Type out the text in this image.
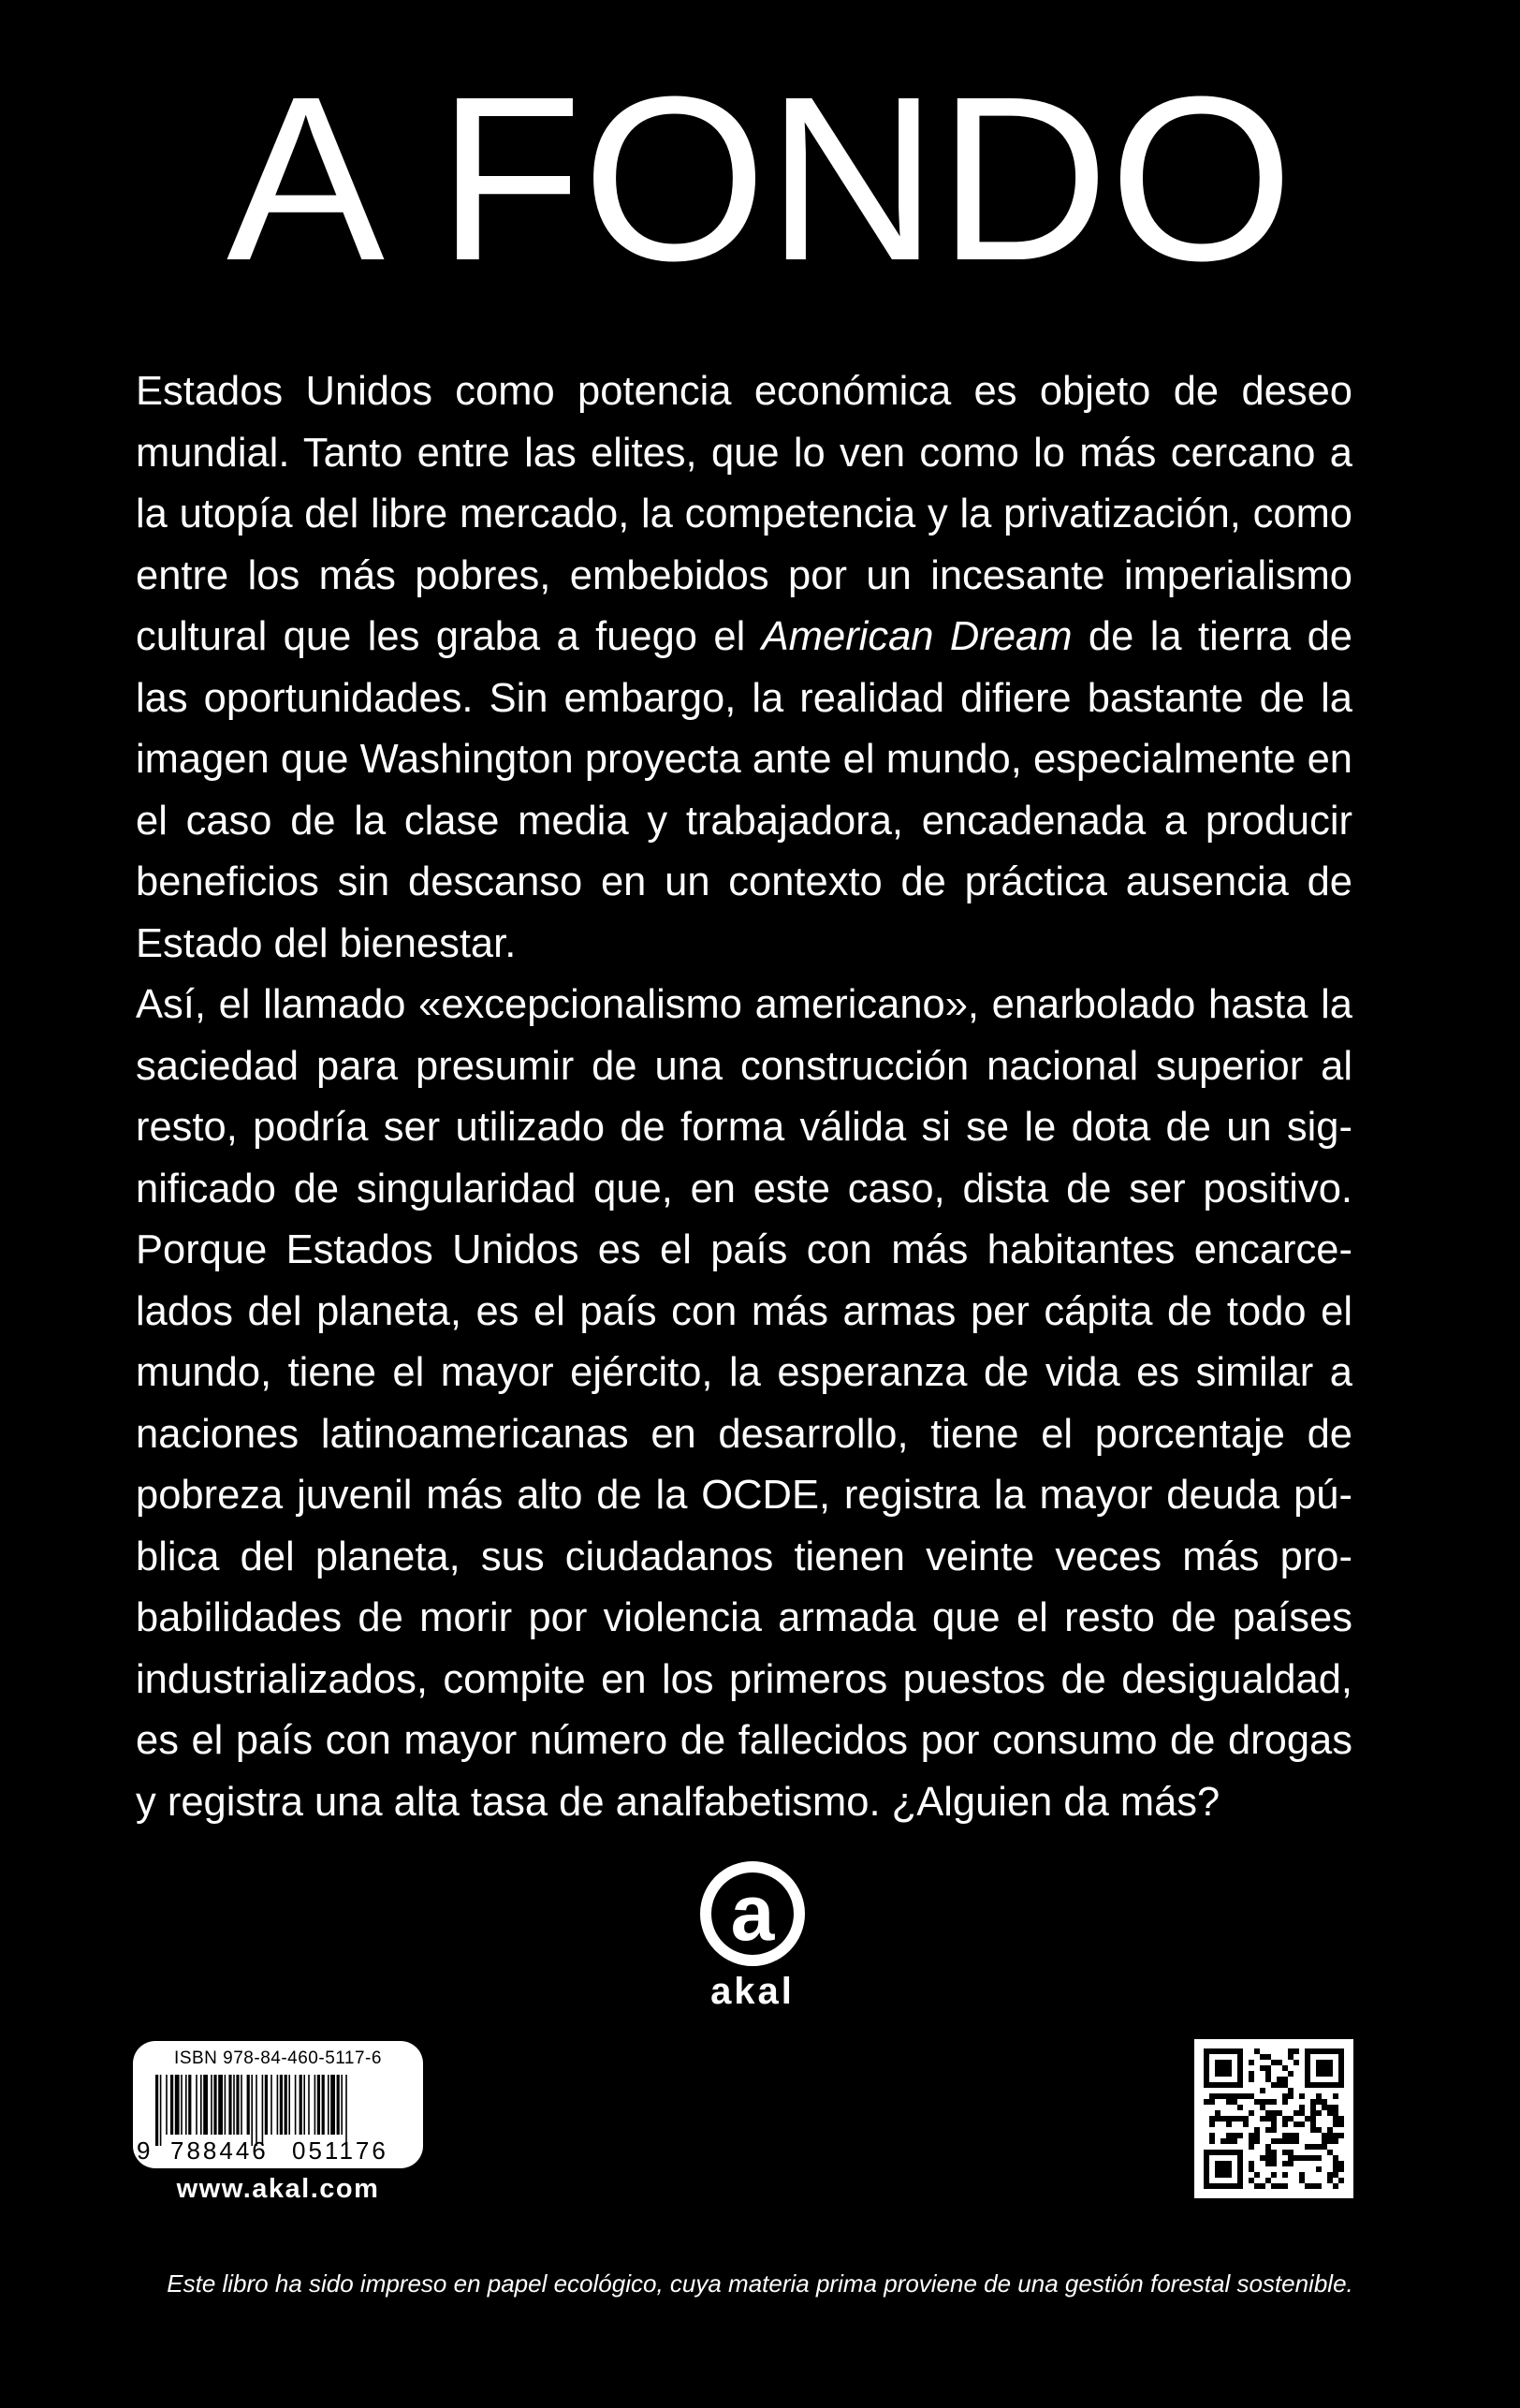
A FONDO

Estados Unidos como potencia económica es objeto de deseo mundial. Tanto entre las elites, que lo ven como lo más cercano a la utopía del libre mercado, la competencia y la privatización, como entre los más pobres, embebidos por un incesante imperialismo cultural que les graba a fuego el American Dream de la tierra de las oportunidades. Sin embargo, la realidad difiere bastante de la imagen que Washington proyecta ante el mundo, especialmente en el caso de la clase media y trabajadora, encadenada a producir beneficios sin descanso en un contexto de práctica ausencia de Estado del bienestar.

Así, el llamado «excepcionalismo americano», enarbolado hasta la saciedad para presumir de una construcción nacional superior al resto, podría ser utilizado de forma válida si se le dota de un significado de singularidad que, en este caso, dista de ser positivo. Porque Estados Unidos es el país con más habitantes encarcelados del planeta, es el país con más armas per cápita de todo el mundo, tiene el mayor ejército, la esperanza de vida es similar a naciones latinoamericanas en desarrollo, tiene el porcentaje de pobreza juvenil más alto de la OCDE, registra la mayor deuda pública del planeta, sus ciudadanos tienen veinte veces más probabilidades de morir por violencia armada que el resto de países industrializados, compite en los primeros puestos de desigualdad, es el país con mayor número de fallecidos por consumo de drogas y registra una alta tasa de analfabetismo. ¿Alguien da más?

a
akal
ISBN 978-84-460-5117-6
9 788446 051176
www.akal.com
Este libro ha sido impreso en papel ecológico, cuya materia prima proviene de una gestión forestal sostenible.
